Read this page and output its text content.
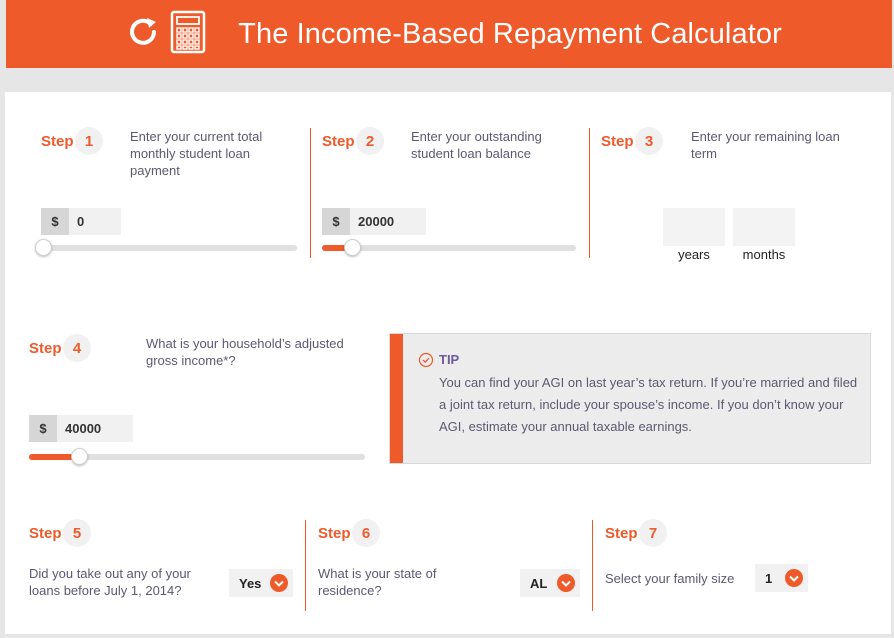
The Income-Based Repayment Calculator
Step 1	Enter your current total monthly student loan payment
$	0
Step 2	Enter your outstanding student loan balance
$	20000
Step 3	Enter your remaining loan term
years	months
Step 4	What is your household’s adjusted gross income*?
$	40000
TIP
You can find your AGI on last year’s tax return. If you’re married and filed a joint tax return, include your spouse’s income. If you don’t know your AGI, estimate your annual taxable earnings.
Step 5
Did you take out any of your loans before July 1, 2014?	Yes
Step 6
What is your state of residence?	AL
Step 7
Select your family size	1
